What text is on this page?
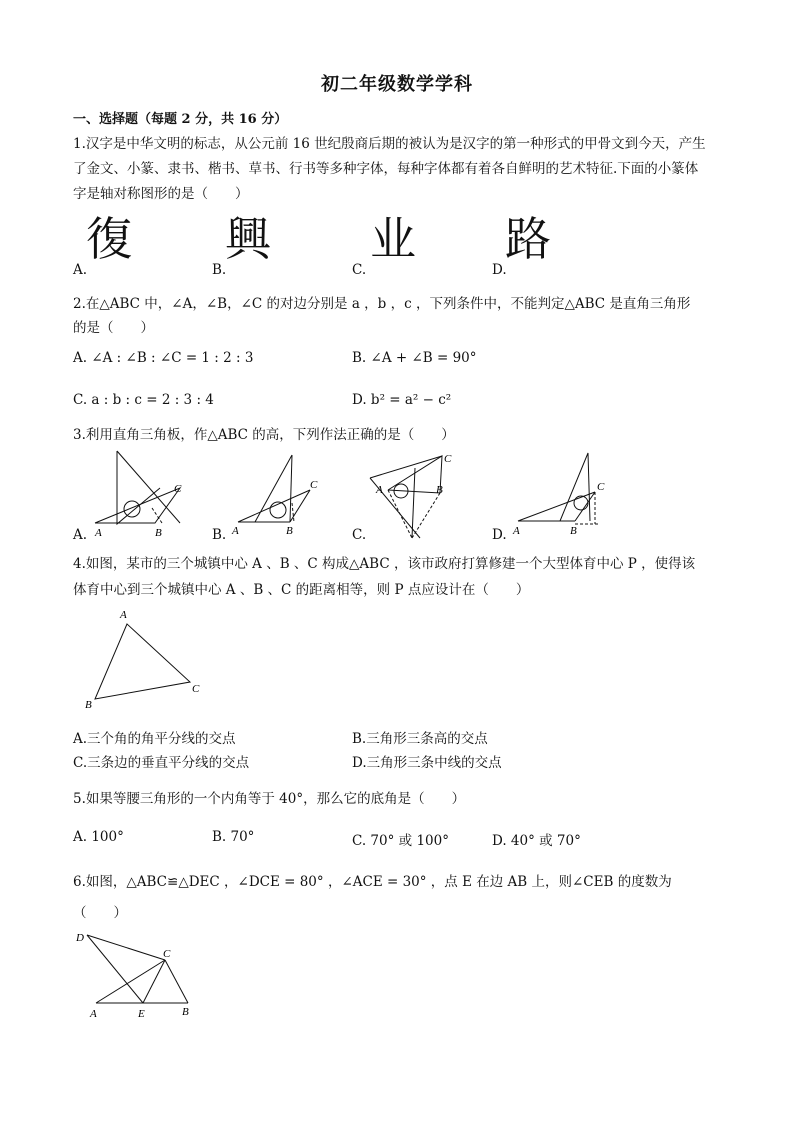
初二年级数学学科
一、选择题（每题 2 分，共 16 分）
1.汉字是中华文明的标志，从公元前 16 世纪殷商后期的被认为是汉字的第一种形式的甲骨文到今天，产生
了金文、小篆、隶书、楷书、草书、行书等多种字体，每种字体都有着各自鲜明的艺术特征.下面的小篆体
字是轴对称图形的是（　　）
A.
復
B.
興
C.
业
D.
路
2.在△ABC 中，∠A，∠B，∠C 的对边分别是 a ，b ，c ，下列条件中，不能判定△ABC 是直角三角形
的是（　　）
A. ∠A : ∠B : ∠C = 1 : 2 : 3	B. ∠A + ∠B = 90°
C. a : b : c = 2 : 3 : 4	D. b² = a² − c²
3.利用直角三角板，作△ABC 的高，下列作法正确的是（　　）
A	B
C
A	B
C	A	B
C
A	B
C
A.	B.	C.	D.
4.如图，某市的三个城镇中心 A 、B 、C 构成△ABC ，该市政府打算修建一个大型体育中心 P ，使得该
体育中心到三个城镇中心 A 、B 、C 的距离相等，则 P 点应设计在（　　）
A
B
C
A.三个角的角平分线的交点	B.三角形三条高的交点
C.三条边的垂直平分线的交点	D.三角形三条中线的交点
5.如果等腰三角形的一个内角等于 40°，那么它的底角是（　　）
A. 100°	B. 70°	C. 70° 或 100°	D. 40° 或 70°
6.如图，△ABC≌△DEC ，∠DCE = 80° ，∠ACE = 30° ，点 E 在边 AB 上，则∠CEB 的度数为
（　　）
D
C
A	E	B
